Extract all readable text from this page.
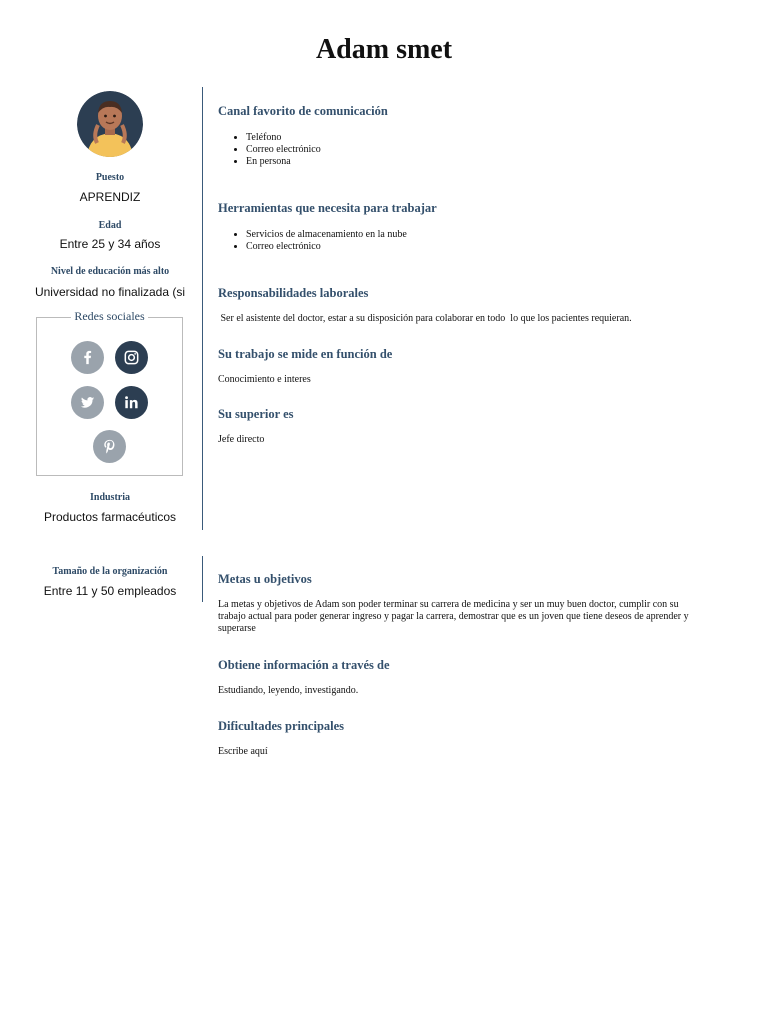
Adam smet
Puesto
APRENDIZ
Edad
Entre 25 y 34 años
Nivel de educación más alto
Universidad no finalizada (si
Redes sociales
Industria
Productos farmacéuticos
Tamaño de la organización
Entre 11 y 50 empleados
Canal favorito de comunicación
• Teléfono
• Correo electrónico
• En persona
Herramientas que necesita para trabajar
• Servicios de almacenamiento en la nube
• Correo electrónico
Responsabilidades laborales
Ser el asistente del doctor, estar a su disposición para colaborar en todo  lo que los pacientes requieran.
Su trabajo se mide en función de
Conocimiento e interes
Su superior es
Jefe directo
Metas u objetivos
La metas y objetivos de Adam son poder terminar su carrera de medicina y ser un muy buen doctor, cumplir con su trabajo actual para poder generar ingreso y pagar la carrera, demostrar que es un joven que tiene deseos de aprender y superarse
Obtiene información a través de
Estudiando, leyendo, investigando.
Dificultades principales
Escribe aquí
